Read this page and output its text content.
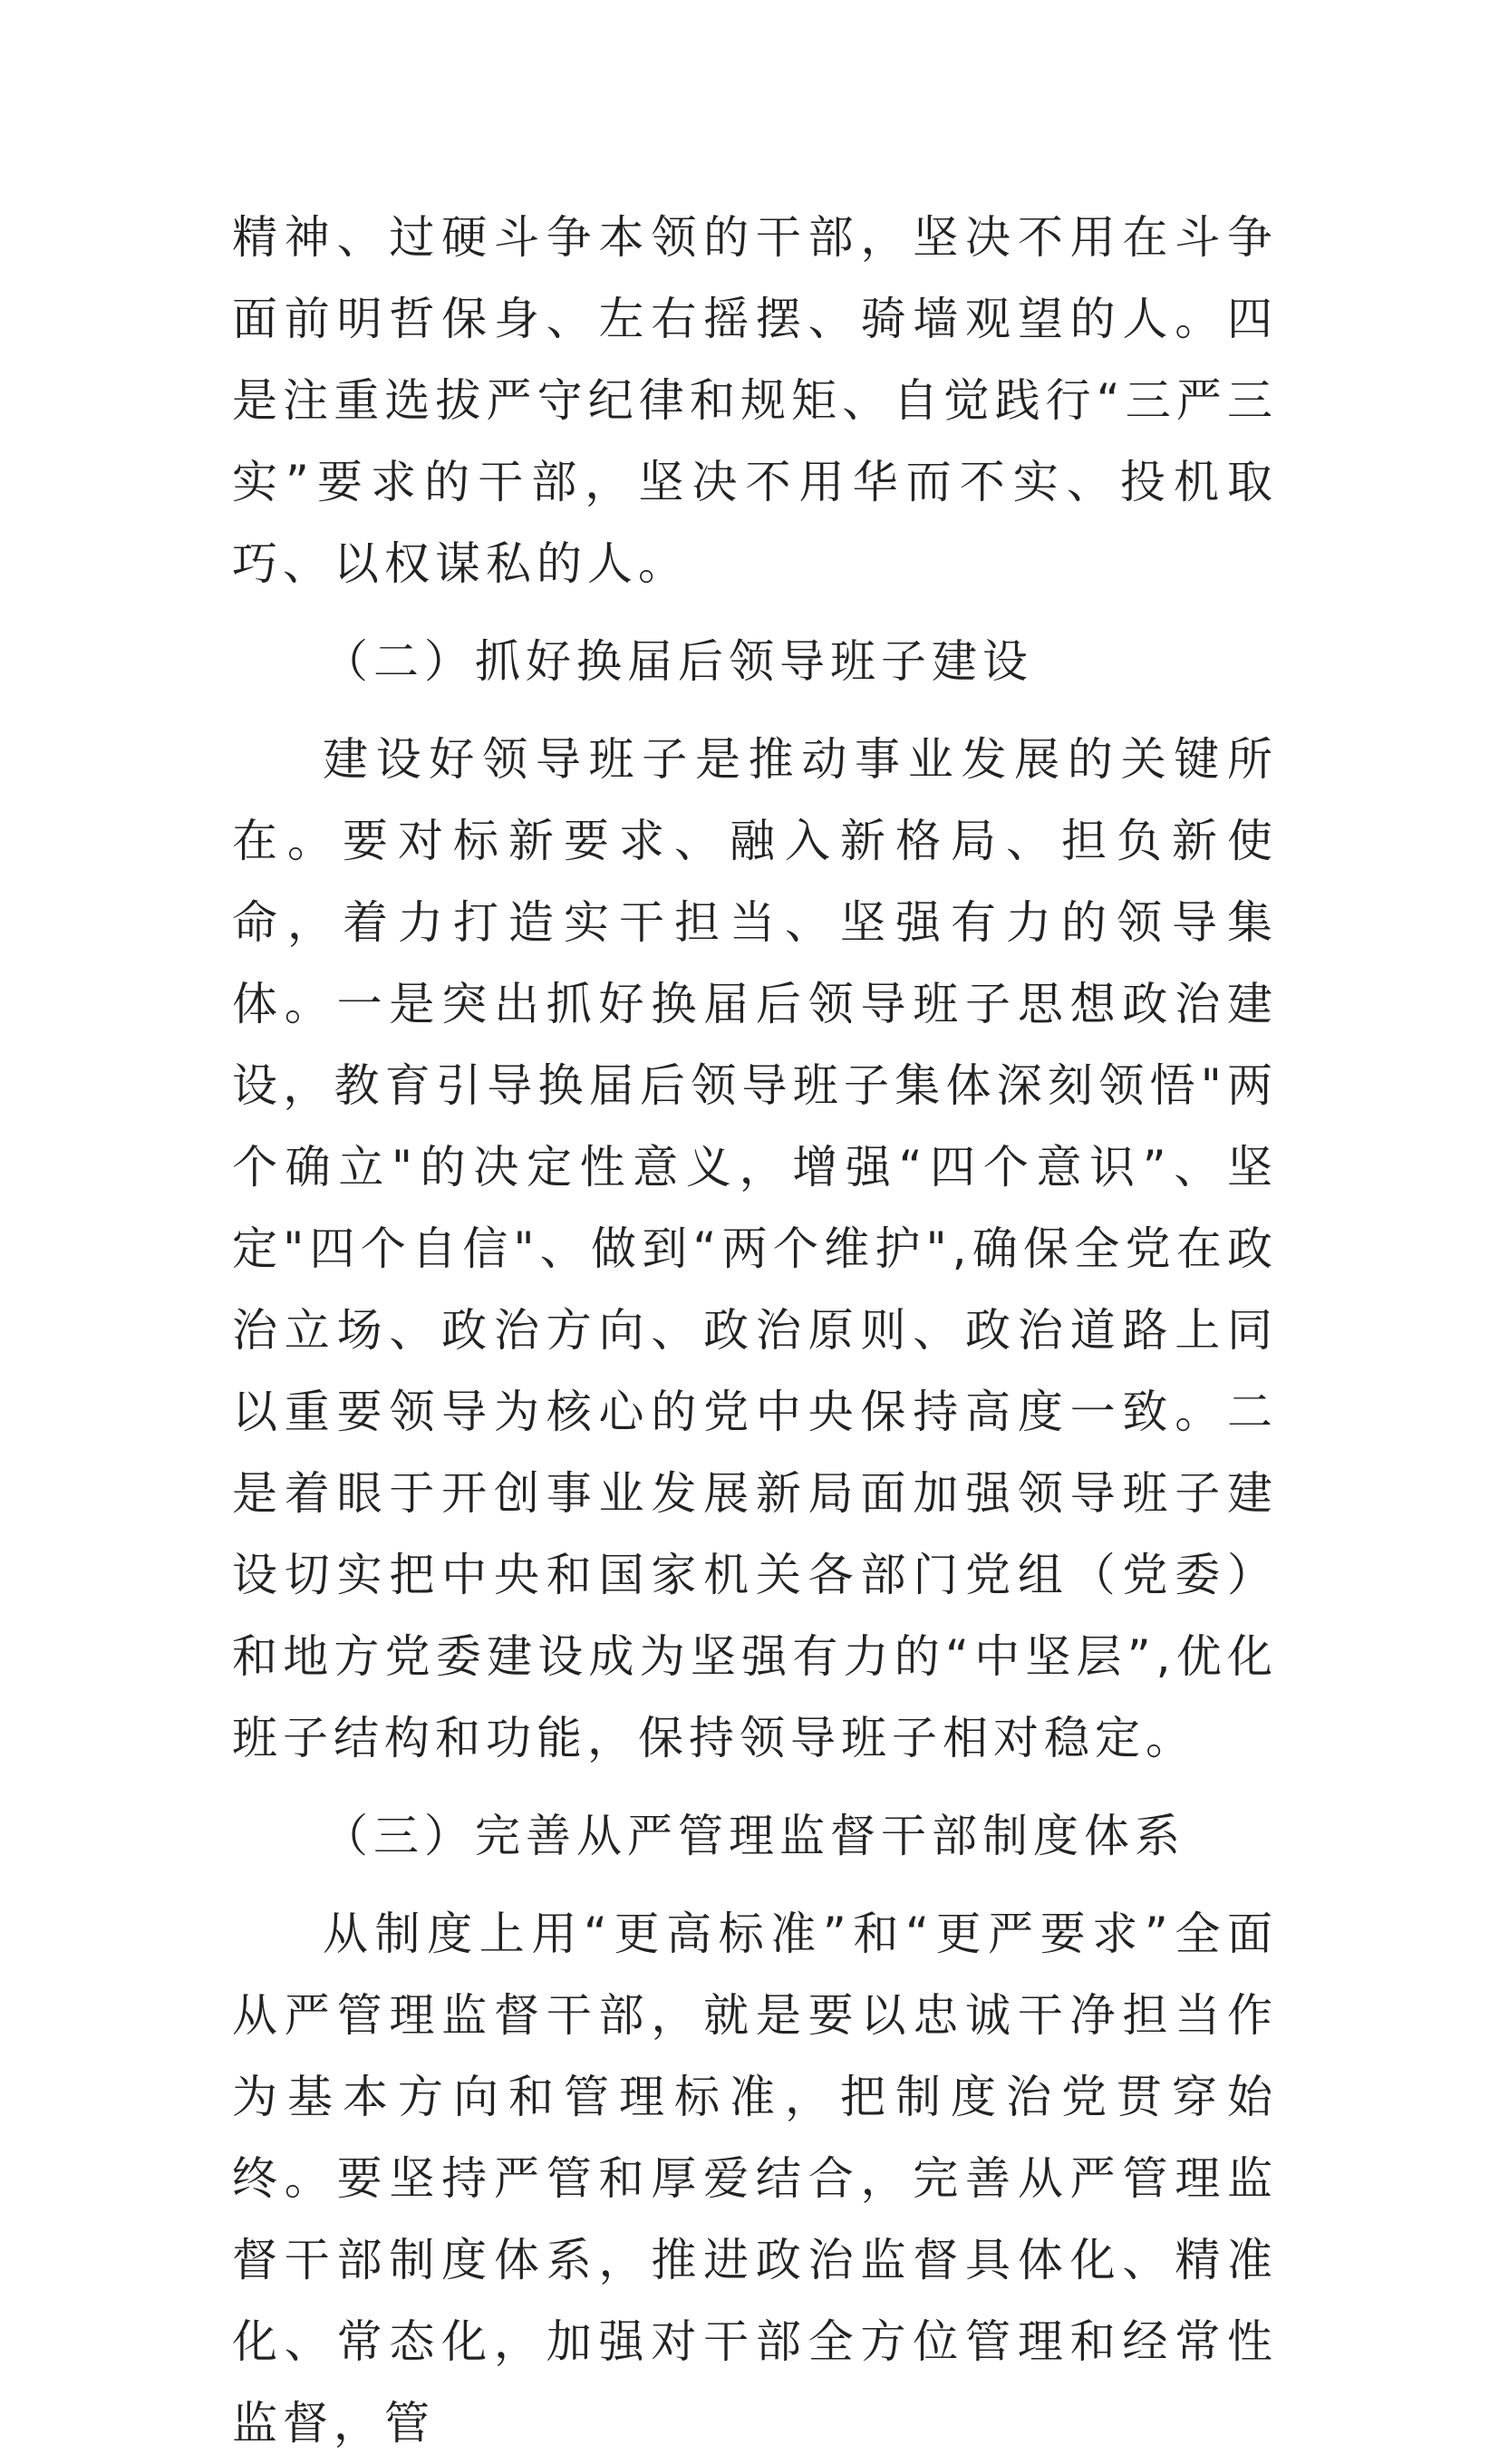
精神、过硬斗争本领的干部，坚决不用在斗争面前明哲保身、左右摇摆、骑墙观望的人。四是注重选拔严守纪律和规矩、自觉践行“三严三实”要求的干部，坚决不用华而不实、投机取巧、以权谋私的人。

（二）抓好换届后领导班子建设

建设好领导班子是推动事业发展的关键所在。要对标新要求、融入新格局、担负新使命，着力打造实干担当、坚强有力的领导集体。一是突出抓好换届后领导班子思想政治建设，教育引导换届后领导班子集体深刻领悟"两个确立"的决定性意义，增强“四个意识”、坚定"四个自信"、做到“两个维护",确保全党在政治立场、政治方向、政治原则、政治道路上同以重要领导为核心的党中央保持高度一致。二是着眼于开创事业发展新局面加强领导班子建设切实把中央和国家机关各部门党组（党委）和地方党委建设成为坚强有力的“中坚层”,优化班子结构和功能，保持领导班子相对稳定。

（三）完善从严管理监督干部制度体系

从制度上用“更高标准”和“更严要求”全面从严管理监督干部，就是要以忠诚干净担当作为基本方向和管理标准，把制度治党贯穿始终。要坚持严管和厚爱结合，完善从严管理监督干部制度体系，推进政治监督具体化、精准化、常态化，加强对干部全方位管理和经常性监督，管
